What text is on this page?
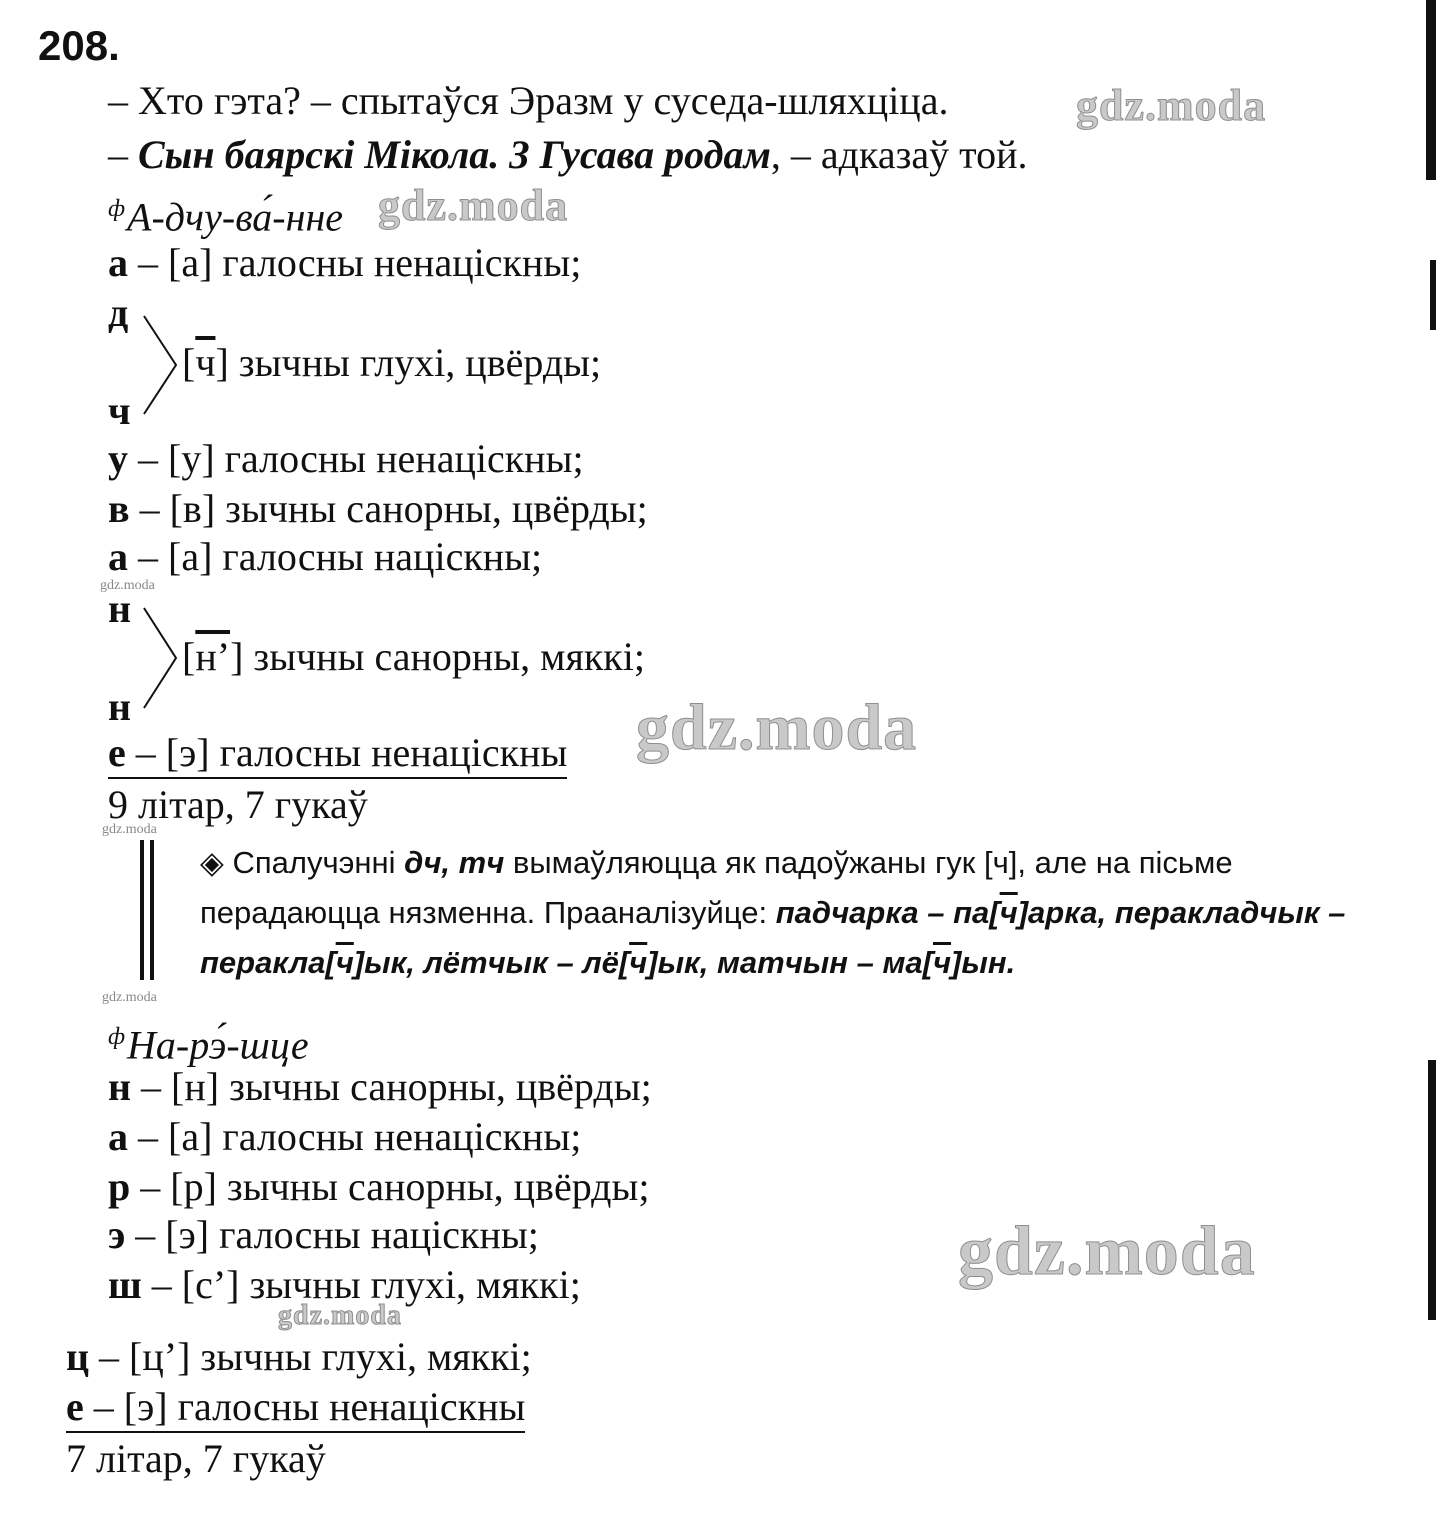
208.
– Хто гэта? – спытаўся Эразм у суседа-шляхціца.
– Сын баярскі Мікола. З Гусава родам, – адказаў той.
$^ф$А-дчу-ва́-нне
а – [а] галосны ненаціскны;
д
ч
[ч] зычны глухі, цвёрды;
у – [у] галосны ненаціскны;
в – [в] зычны санорны, цвёрды;
а – [а] галосны націскны;
н
н
[н’] зычны санорны, мяккі;
е – [э] галосны ненаціскны
9 літар, 7 гукаў
◈ Спалучэнні дч, тч вымаўляюцца як падоўжаны гук [ч], але на пісьме
перадаюцца нязменна. Прааналізуйце: падчарка – па[ч]арка, перакладчык –
перакла[ч]ык, лётчык – лё[ч]ык, матчын – ма[ч]ын.
$^ф$На-рэ́-шце
н – [н] зычны санорны, цвёрды;
а – [а] галосны ненаціскны;
р – [р] зычны санорны, цвёрды;
э – [э] галосны націскны;
ш – [с’] зычны глухі, мяккі;
ц – [ц’] зычны глухі, мяккі;
е – [э] галосны ненаціскны
7 літар, 7 гукаў
gdz.moda
gdz.moda
gdz.moda
gdz.moda
gdz.moda
gdz.moda
gdz.moda
gdz.moda
